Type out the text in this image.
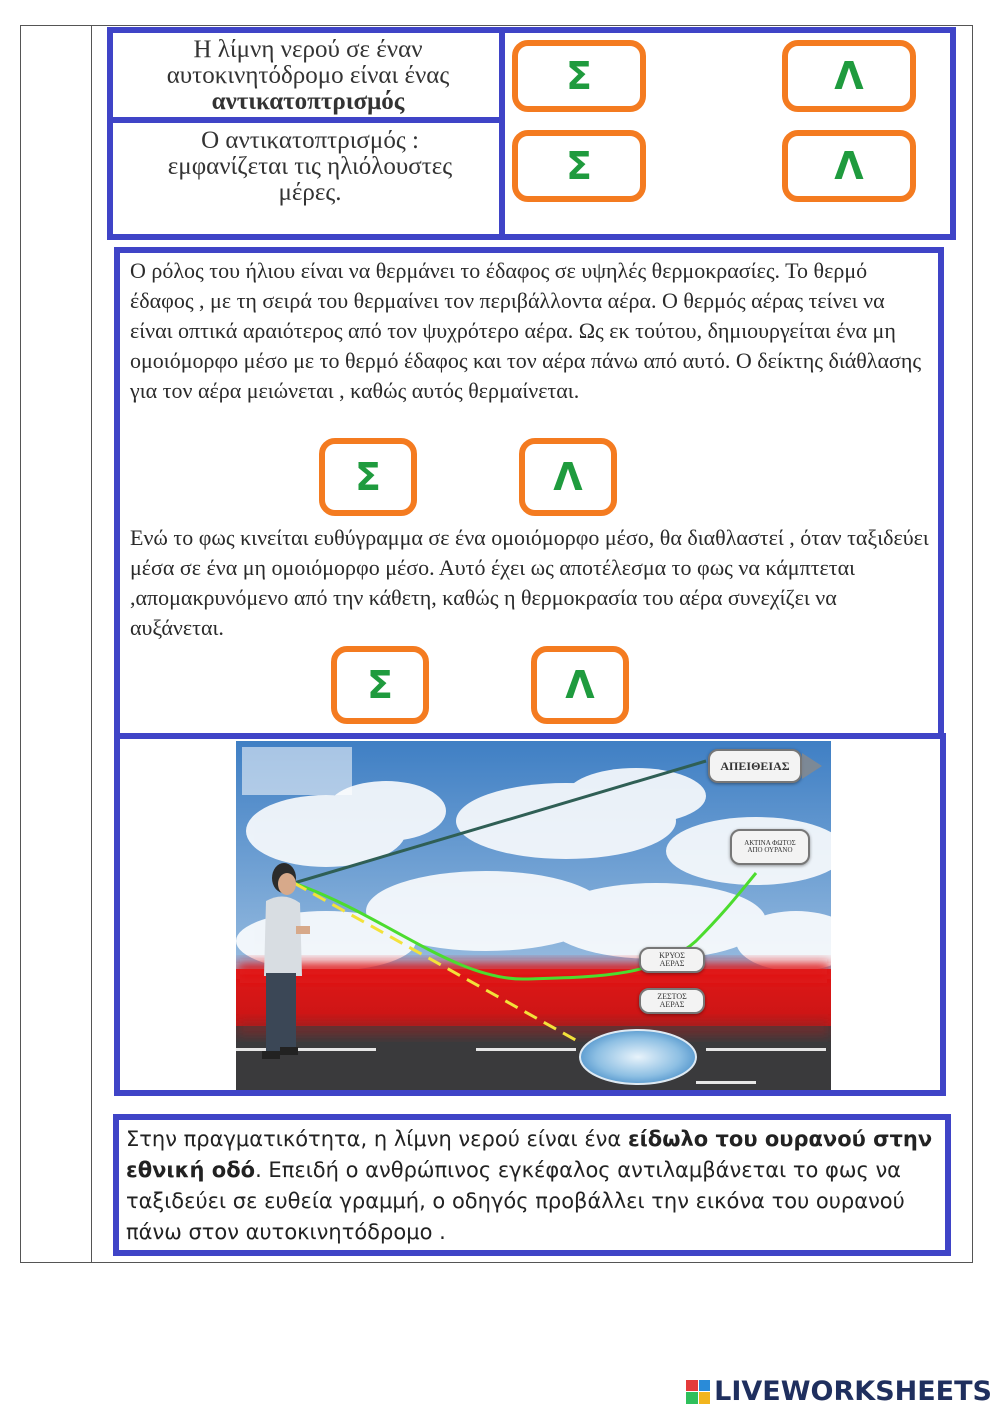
Η λίμνη νερού σε έναν αυτοκινητόδρομο είναι ένας αντικατοπτρισμός
Σ	Λ
Ο αντικατοπτρισμός : εμφανίζεται τις ηλιόλουστες μέρες.
Σ	Λ
Ο ρόλος του ήλιου είναι να θερμάνει το έδαφος σε υψηλές θερμοκρασίες. Το θερμό έδαφος , με τη σειρά του θερμαίνει τον περιβάλλοντα αέρα. Ο θερμός αέρας τείνει να είναι οπτικά αραιότερος από τον ψυχρότερο αέρα. Ως εκ τούτου, δημιουργείται ένα μη ομοιόμορφο μέσο με το θερμό έδαφος και τον αέρα πάνω από αυτό. Ο δείκτης διάθλασης για τον αέρα μειώνεται , καθώς αυτός θερμαίνεται.
Σ	Λ
Ενώ το φως κινείται ευθύγραμμα σε ένα ομοιόμορφο μέσο, θα διαθλαστεί , όταν ταξιδεύει μέσα σε ένα μη ομοιόμορφο μέσο. Αυτό έχει ως αποτέλεσμα το φως να κάμπτεται ,απομακρυνόμενο από την κάθετη, καθώς η θερμοκρασία του αέρα συνεχίζει να αυξάνεται.
Σ	Λ
ΑΠΕΙΘΕΙΑΣ
ΑΚΤΙΝΑ ΦΩΤΟΣ
ΑΠΟ ΟΥΡΑΝΟ
ΚΡΥΟΣ
ΑΕΡΑΣ
ΖΕΣΤΟΣ
ΑΕΡΑΣ
Στην πραγματικότητα, η λίμνη νερού είναι ένα είδωλο του ουρανού στην εθνική οδό. Επειδή ο ανθρώπινος εγκέφαλος αντιλαμβάνεται το φως να ταξιδεύει σε ευθεία γραμμή, ο οδηγός προβάλλει την εικόνα του ουρανού πάνω στον αυτοκινητόδρομο .
LIVEWORKSHEETS
